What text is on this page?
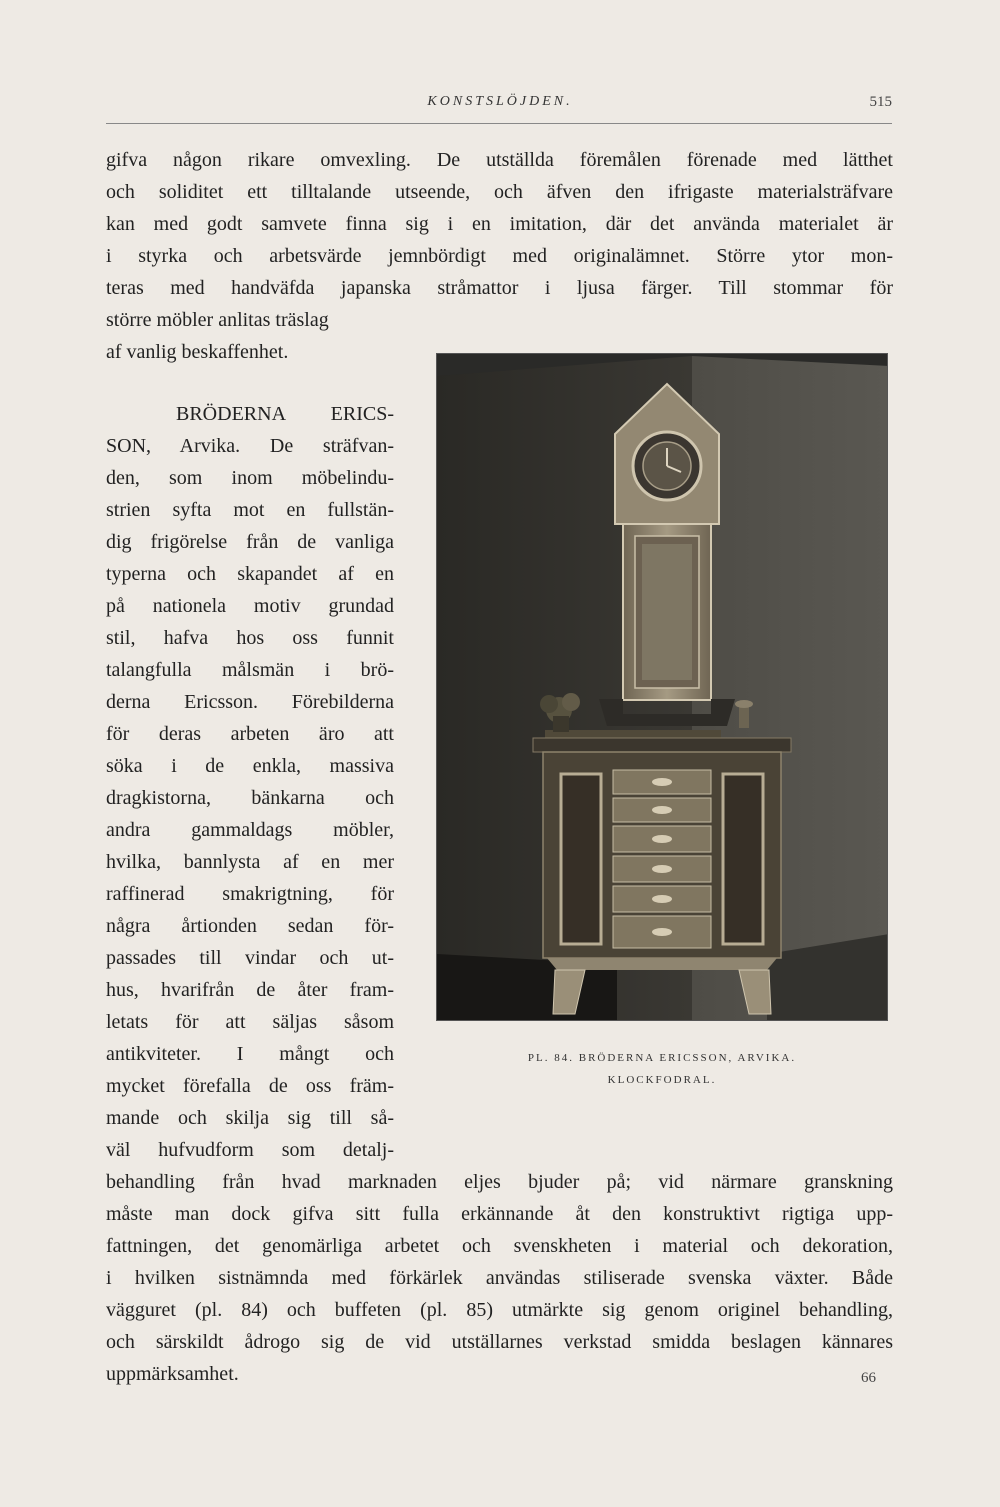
KONSTSLÖJDEN.	515
gifva någon rikare omvexling. De utställda föremålen förenade med lätthet
och soliditet ett tilltalande utseende, och äfven den ifrigaste materialsträfvare
kan med godt samvete finna sig i en imitation, där det använda materialet är
i styrka och arbetsvärde jemnbördigt med originalämnet. Större ytor mon-
teras med handväfda japanska stråmattor i ljusa färger. Till stommar för
större möbler anlitas träslag
af vanlig beskaffenhet.
BRÖDERNA ERICS-
SON, Arvika. De sträfvan-
den, som inom möbelindu-
strien syfta mot en fullstän-
dig frigörelse från de vanliga
typerna och skapandet af en
på nationela motiv grundad
stil, hafva hos oss funnit
talangfulla målsmän i brö-
derna Ericsson. Förebilderna
för deras arbeten äro att
söka i de enkla, massiva
dragkistorna, bänkarna och
andra gammaldags möbler,
hvilka, bannlysta af en mer
raffinerad smakrigtning, för
några årtionden sedan för-
passades till vindar och ut-
hus, hvarifrån de åter fram-
letats för att säljas såsom
antikviteter. I mångt och
mycket förefalla de oss främ-
mande och skilja sig till så-
väl hufvudform som detalj-
behandling från hvad marknaden eljes bjuder på; vid närmare granskning
måste man dock gifva sitt fulla erkännande åt den konstruktivt rigtiga upp-
fattningen, det genomärliga arbetet och svenskheten i material och dekoration,
i hvilken sistnämnda med förkärlek användas stiliserade svenska växter. Både
vägguret (pl. 84) och buffeten (pl. 85) utmärkte sig genom originel behandling,
och särskildt ådrogo sig de vid utställarnes verkstad smidda beslagen kännares
uppmärksamhet.
PL. 84. BRÖDERNA ERICSSON, ARVIKA.
KLOCKFODRAL.
66
